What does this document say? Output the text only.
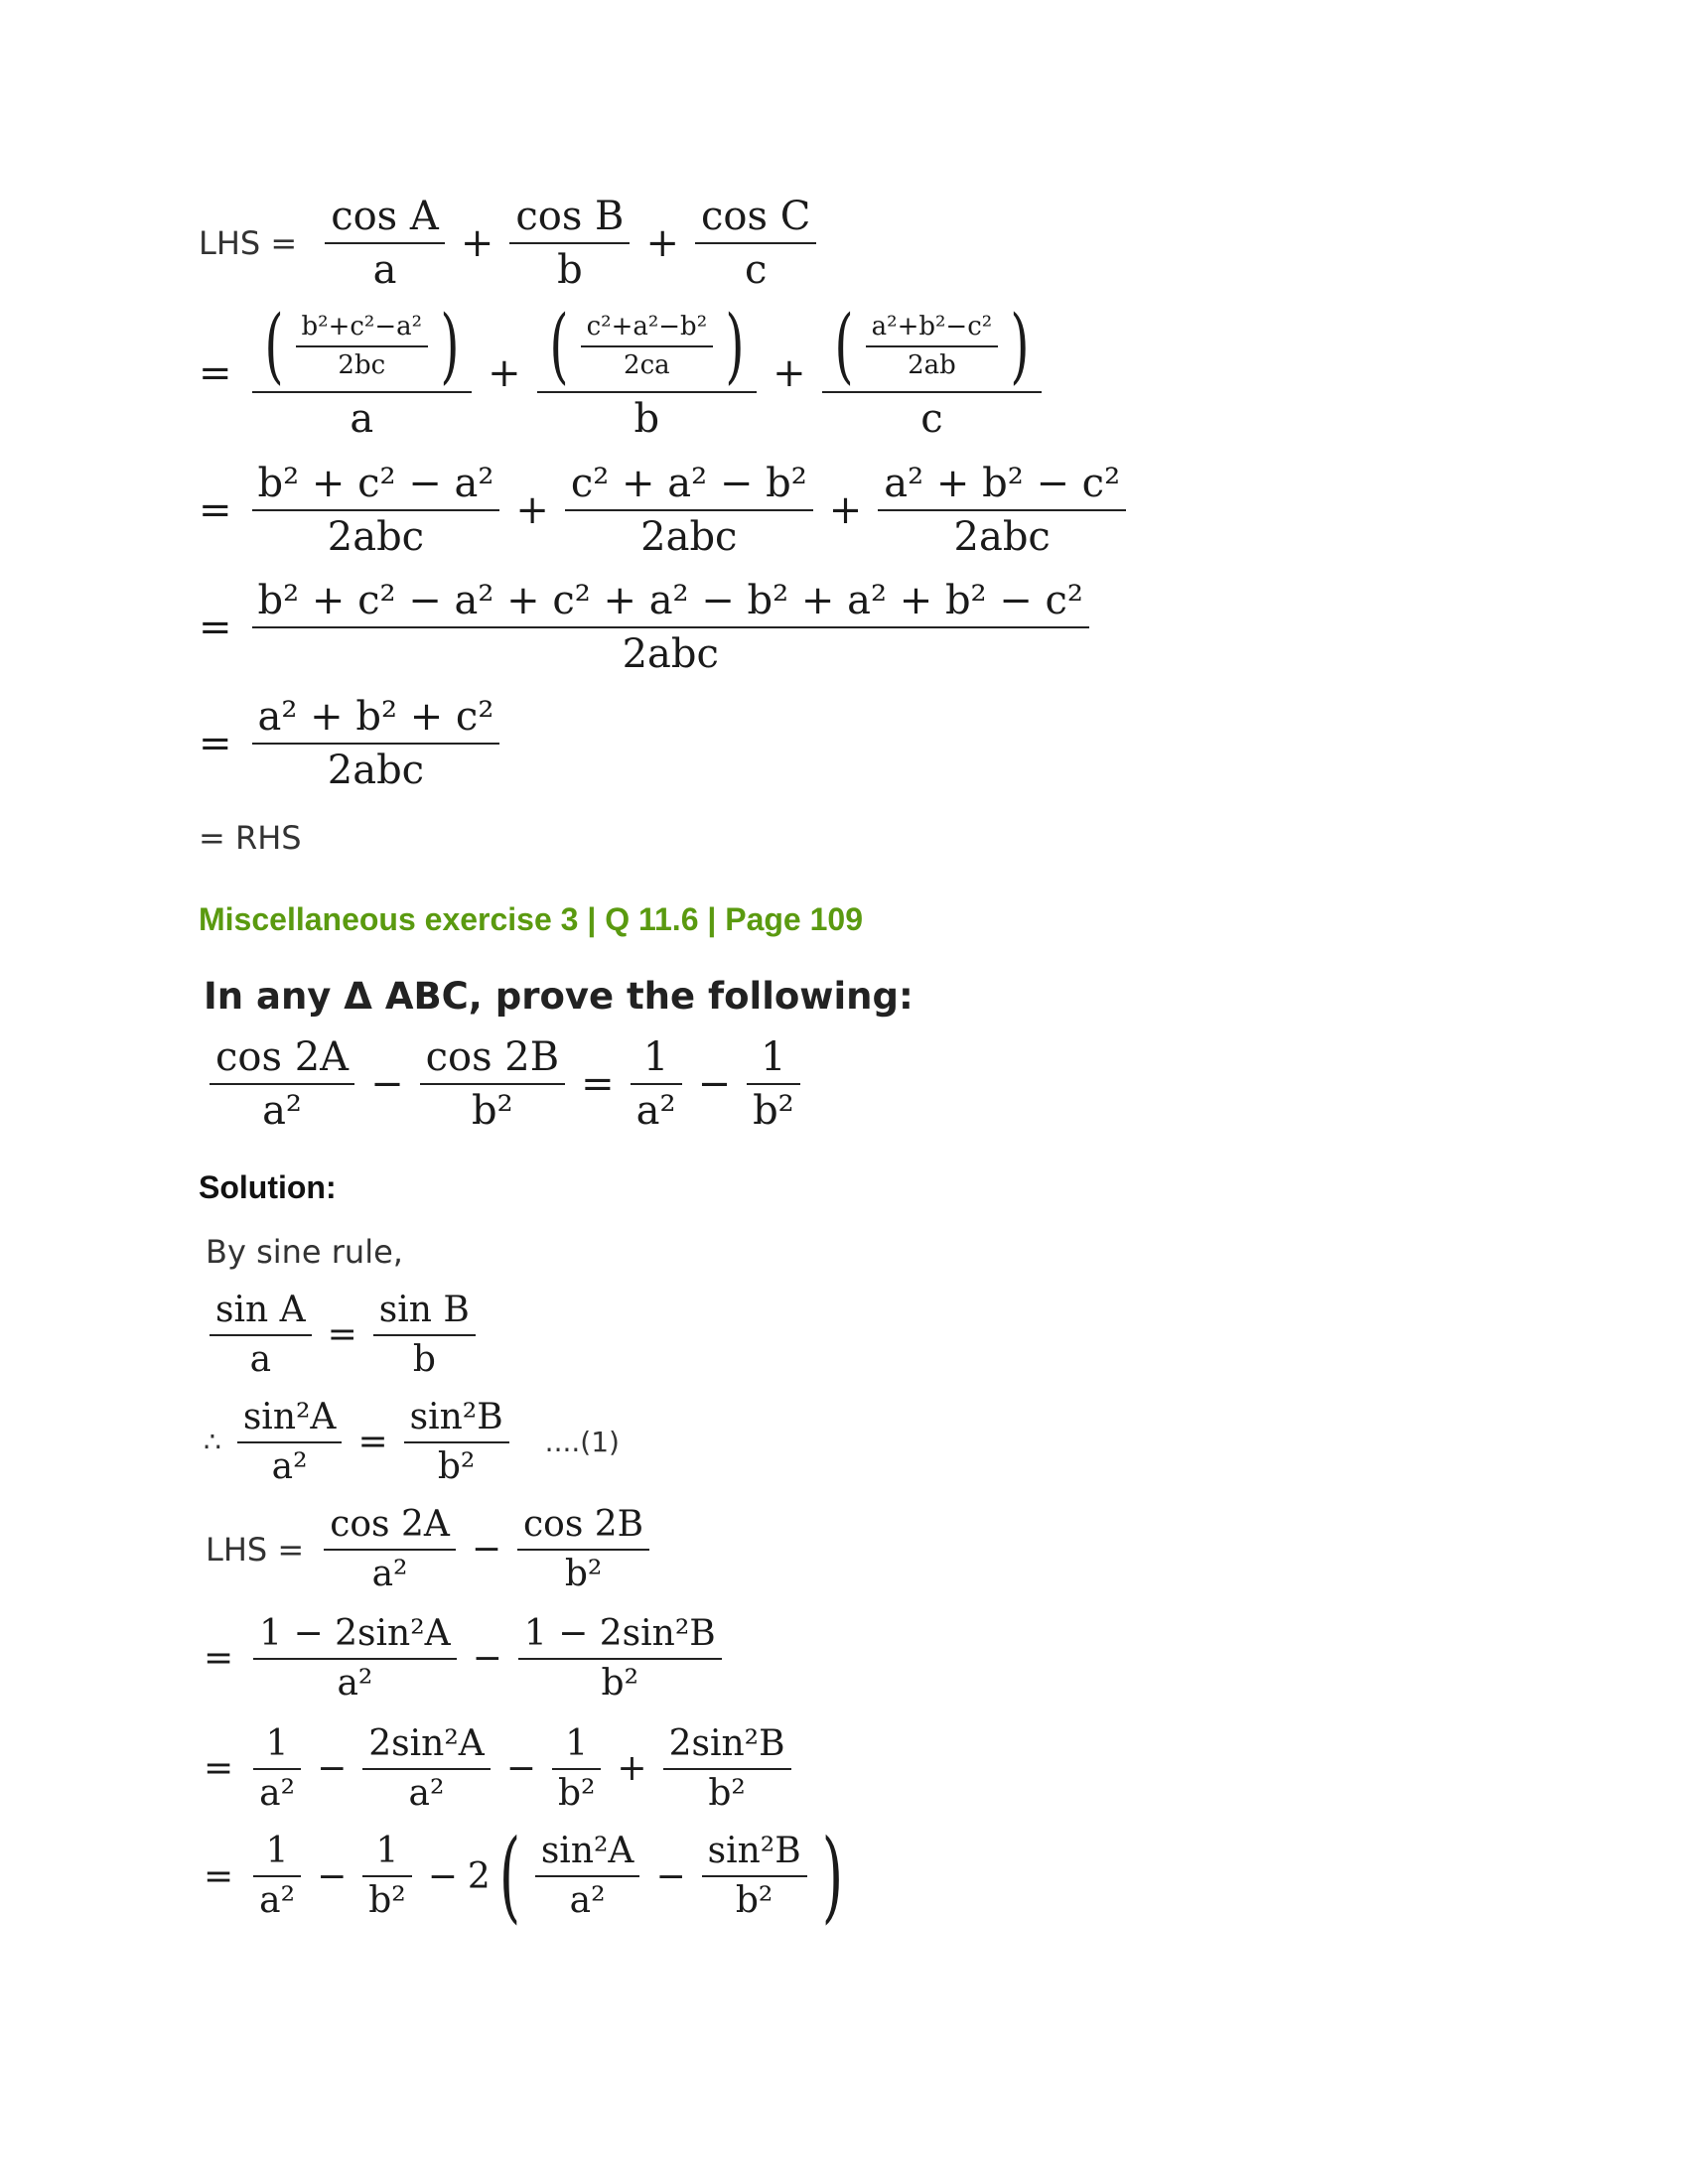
LHS = $\frac{\text{cos A}}{a} + \frac{\text{cos B}}{b} + \frac{\text{cos C}}{c}$
= $\frac{( \frac{\text{b²+c²−a²}}{2bc} )}{a} + \frac{( \frac{\text{c²+a²−b²}}{2ca} )}{b} + \frac{( \frac{\text{a²+b²−c²}}{2ab} )}{c}$
= $\frac{\text{b² + c² − a²}}{\text{2abc}} + \frac{\text{c² + a² − b²}}{\text{2abc}} + \frac{\text{a² + b² − c²}}{\text{2abc}}$
= $\frac{\text{b² + c² − a² + c² + a² − b² + a² + b² − c²}}{\text{2abc}}$
= $\frac{\text{a² + b² + c²}}{\text{2abc}}$
= RHS
Miscellaneous exercise 3 | Q 11.6 | Page 109
In any Δ ABC, prove the following:
$\frac{\cos 2A}{\text{a²}} - \frac{\cos 2B}{\text{b²}} = \frac{1}{\text{a²}} - \frac{1}{\text{b²}}$
Solution:
By sine rule,
$\frac{\text{sin A}}{a} = \frac{\text{sin B}}{b}$
∴ $\frac{\text{sin²A}}{\text{a²}} = \frac{\text{sin²B}}{\text{b²}} ....(1)$
LHS = $\frac{\cos 2A}{\text{a²}} - \frac{\cos 2B}{\text{b²}}$
= $\frac{\text{1 − 2sin²A}}{\text{a²}} - \frac{\text{1 − 2sin²B}}{\text{b²}}$
= $\frac{1}{\text{a²}} - \frac{\text{2sin²A}}{\text{a²}} - \frac{1}{\text{b²}} + \frac{\text{2sin²B}}{\text{b²}}$
= $\frac{1}{\text{a²}} - \frac{1}{\text{b²}} - 2$ ( $\frac{\text{sin²A}}{\text{a²}} - \frac{\text{sin²B}}{\text{b²}}$ )
